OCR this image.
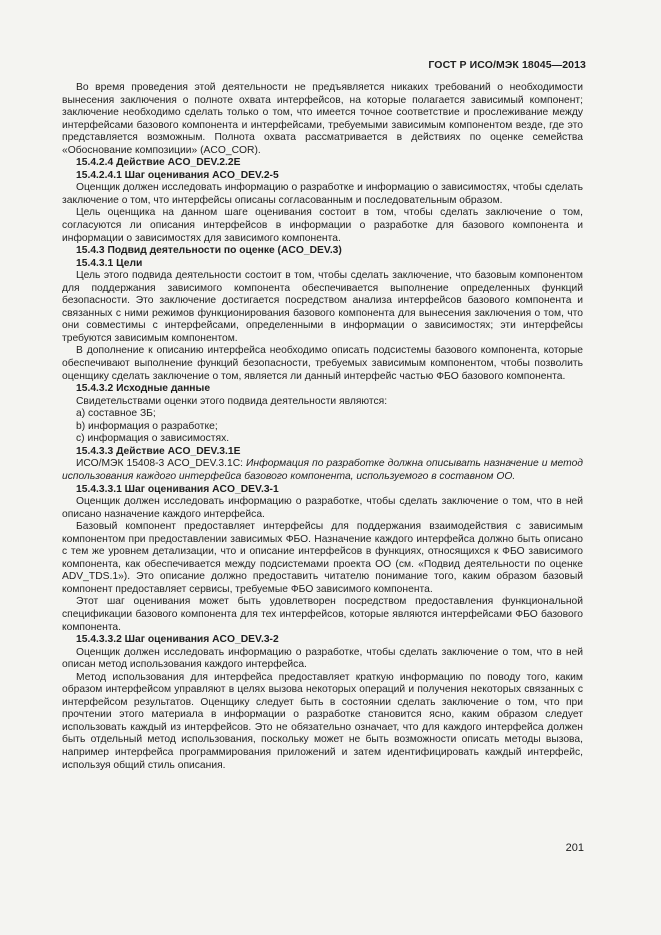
ГОСТ Р ИСО/МЭК 18045—2013

Во время проведения этой деятельности не предъявляется никаких требований о необходимости вынесения заключения о полноте охвата интерфейсов, на которые полагается зависимый компонент; заключение необходимо сделать только о том, что имеется точное соответствие и прослеживание между интерфейсами базового компонента и интерфейсами, требуемыми зависимым компонентом везде, где это представляется возможным. Полнота охвата рассматривается в действиях по оценке семейства «Обоснование композиции» (ACO_COR).

15.4.2.4 Действие ACO_DEV.2.2E

15.4.2.4.1 Шаг оценивания ACO_DEV.2-5

Оценщик должен исследовать информацию о разработке и информацию о зависимостях, чтобы сделать заключение о том, что интерфейсы описаны согласованным и последовательным образом.

Цель оценщика на данном шаге оценивания состоит в том, чтобы сделать заключение о том, согласуются ли описания интерфейсов в информации о разработке для базового компонента и информации о зависимостях для зависимого компонента.

15.4.3 Подвид деятельности по оценке (ACO_DEV.3)

15.4.3.1 Цели

Цель этого подвида деятельности состоит в том, чтобы сделать заключение, что базовым компонентом для поддержания зависимого компонента обеспечивается выполнение определенных функций безопасности. Это заключение достигается посредством анализа интерфейсов базового компонента и связанных с ними режимов функционирования базового компонента для вынесения заключения о том, что они совместимы с интерфейсами, определенными в информации о зависимостях; эти интерфейсы требуются зависимым компонентом.

В дополнение к описанию интерфейса необходимо описать подсистемы базового компонента, которые обеспечивают выполнение функций безопасности, требуемых зависимым компонентом, чтобы позволить оценщику сделать заключение о том, является ли данный интерфейс частью ФБО базового компонента.

15.4.3.2 Исходные данные

Свидетельствами оценки этого подвида деятельности являются:

a) составное ЗБ;

b) информация о разработке;

c) информация о зависимостях.

15.4.3.3 Действие ACO_DEV.3.1E

ИСО/МЭК 15408-3 ACO_DEV.3.1C: Информация по разработке должна описывать назначение и метод использования каждого интерфейса базового компонента, используемого в составном ОО.

15.4.3.3.1 Шаг оценивания ACO_DEV.3-1

Оценщик должен исследовать информацию о разработке, чтобы сделать заключение о том, что в ней описано назначение каждого интерфейса.

Базовый компонент предоставляет интерфейсы для поддержания взаимодействия с зависимым компонентом при предоставлении зависимых ФБО. Назначение каждого интерфейса должно быть описано с тем же уровнем детализации, что и описание интерфейсов в функциях, относящихся к ФБО зависимого компонента, как обеспечивается между подсистемами проекта ОО (см. «Подвид деятельности по оценке ADV_TDS.1»). Это описание должно предоставить читателю понимание того, каким образом базовый компонент предоставляет сервисы, требуемые ФБО зависимого компонента.

Этот шаг оценивания может быть удовлетворен посредством предоставления функциональной спецификации базового компонента для тех интерфейсов, которые являются интерфейсами ФБО базового компонента.

15.4.3.3.2 Шаг оценивания ACO_DEV.3-2

Оценщик должен исследовать информацию о разработке, чтобы сделать заключение о том, что в ней описан метод использования каждого интерфейса.

Метод использования для интерфейса предоставляет краткую информацию по поводу того, каким образом интерфейсом управляют в целях вызова некоторых операций и получения некоторых связанных с интерфейсом результатов. Оценщику следует быть в состоянии сделать заключение о том, что при прочтении этого материала в информации о разработке становится ясно, каким образом следует использовать каждый из интерфейсов. Это не обязательно означает, что для каждого интерфейса должен быть отдельный метод использования, поскольку может не быть возможности описать методы вызова, например интерфейса программирования приложений и затем идентифицировать каждый интерфейс, используя общий стиль описания.

201
